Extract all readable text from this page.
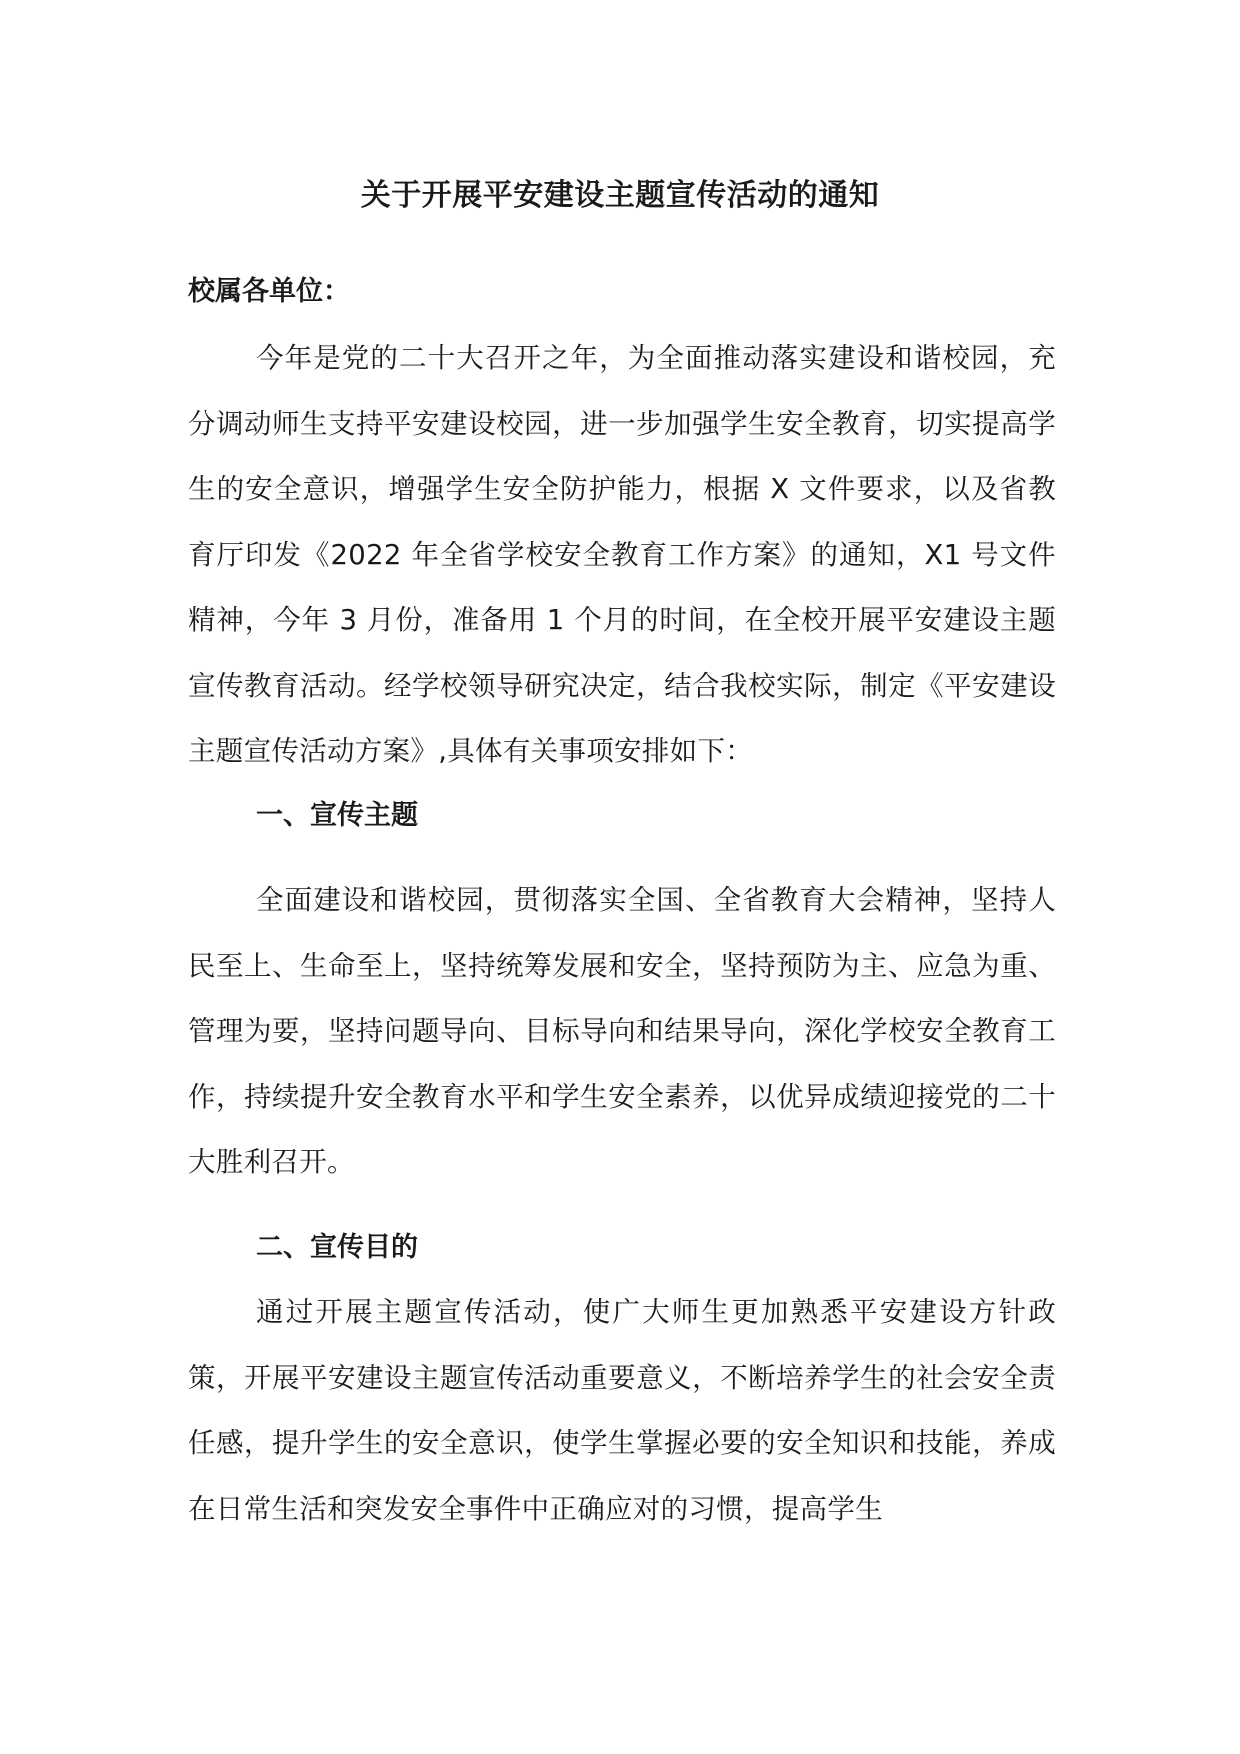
关于开展平安建设主题宣传活动的通知
校属各单位：
今年是党的二十大召开之年，为全面推动落实建设和谐校园，充分调动师生支持平安建设校园，进一步加强学生安全教育，切实提高学生的安全意识，增强学生安全防护能力，根据 X 文件要求，以及省教育厅印发《2022 年全省学校安全教育工作方案》的通知，X1 号文件精神，今年 3 月份，准备用 1 个月的时间，在全校开展平安建设主题宣传教育活动。经学校领导研究决定，结合我校实际，制定《平安建设主题宣传活动方案》,具体有关事项安排如下：
一、宣传主题
全面建设和谐校园，贯彻落实全国、全省教育大会精神，坚持人民至上、生命至上，坚持统筹发展和安全，坚持预防为主、应急为重、管理为要，坚持问题导向、目标导向和结果导向，深化学校安全教育工作，持续提升安全教育水平和学生安全素养，以优异成绩迎接党的二十大胜利召开。
二、宣传目的
通过开展主题宣传活动，使广大师生更加熟悉平安建设方针政策，开展平安建设主题宣传活动重要意义，不断培养学生的社会安全责任感，提升学生的安全意识，使学生掌握必要的安全知识和技能，养成在日常生活和突发安全事件中正确应对的习惯，提高学生
